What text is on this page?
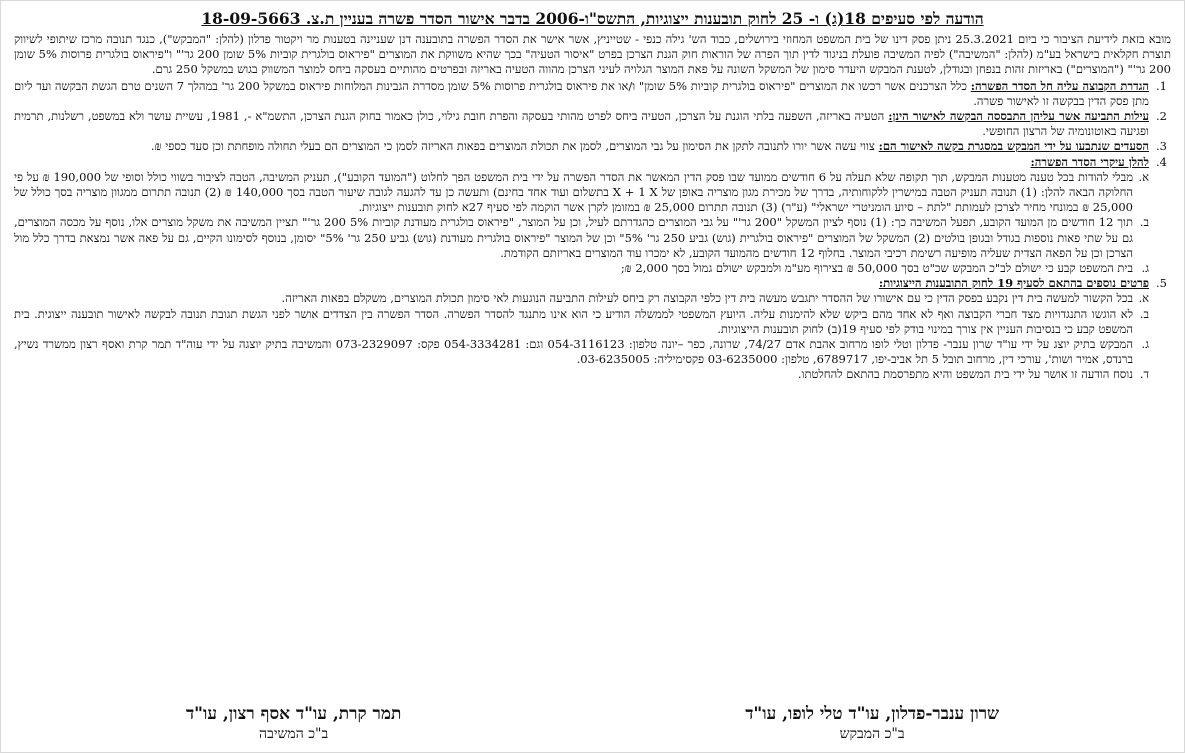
הודעה לפי סעיפים 18(ג) ו- 25 לחוק תובענות ייצוגיות, התשס"ו-2006 בדבר אישור הסדר פשרה בעניין ת.צ. 18-09-5663
מובא בזאת לידיעת הציבור כי ביום 25.3.2021 ניתן פסק דינו של בית המשפט המחוזי בירושלים, כבוד הש' גילה כנפי - שטייניץ, אשר אישר את הסדר הפשרה בתובענה דנן שעניינה בטענות מר ויקטור פדלון (להלן: "המבקש"), כנגד תנובה מרכז שיתופי לשיווק תוצרת חקלאית בישראל בע"מ (להלן: "המשיבה") לפיה המשיבה פועלת בניגוד לדין תוך הפרה של הוראות חוק הגנת הצרכן בפרט "איסור הטעיה" בכך שהיא משווקת את המוצרים "פיראוס בולגרית קוביות 5% שומן 200 גר'" ו"פיראוס בולגרית פרוסות 5% שומן 200 גר'" ("המוצרים") באריזות זהות בנפחן ובגודלן, לטענת המבקש היעדר סימון של המשקל השונה על פאת המוצר הגלויה לעיני הצרכן מהווה הטעיה באריזה ובפרטים מהותיים בעסקה ביחס למוצר המשווק בגוש במשקל 250 גרם.
1.
הגדרת הקבוצה עליה חל הסדר הפשרה: כלל הצרכנים אשר רכשו את המוצרים "פיראוס בולגרית קוביות 5% שומן" ו/או את פיראוס בולגרית פרוסות 5% שומן מסדרת הגבינות המלוחות פיראוס במשקל 200 גר' במהלך 7 השנים טרם הגשת הבקשה ועד ליום מתן פסק הדין בבקשה זו לאישור פשרה.
2.
עילות התביעה אשר עליהן התבססה הבקשה לאישור הינן: הטעיה באריזה, השפעה בלתי הוגנת על הצרכן, הטעיה ביחס לפרט מהותי בעסקה והפרת חובת גילוי, כולן כאמור בחוק הגנת הצרכן, התשמ"א -, 1981, עשיית עושר ולא במשפט, רשלנות, תרמית ופגיעה באוטונומיה של הרצון החופשי.
3.
הסעדים שנתבעו על ידי המבקש במסגרת בקשה לאישור הם: צווי עשה אשר יורו לתנובה לתקן את הסימון על גבי המוצרים, לסמן את תכולת המוצרים בפאות האריזה לסמן כי המוצרים הם בעלי תחולה מופחתת וכן סעד כספי ₪.
4.
להלן עיקרי הסדר הפשרה:
א.
מבלי להודות בכל טענה מטענות המבקש, תוך תקופה שלא תעלה על 6 חודשים ממועד שבו פסק הדין המאשר את הסדר הפשרה על ידי בית המשפט הפך לחלוט ("המועד הקובע"), תעניק המשיבה, הטבה לציבור בשווי כולל וסופי של 190,000 ₪ על פי החלוקה הבאה להלן: (1) תנובה תעניק הטבה במישרין ללקוחותיה, בדרך של מכירת מגון מוצריה באופן של X + 1 X בתשלום ועוד אחד בחינם) ותעשה כן עד להגעה לגובה שיעור הטבה בסך 140,000 ₪ (2) תנובה תתרום ממגוון מוצריה בסך כולל של 25,000 ₪ במונחי מחיר לצרכן לעמותת "לתת – סיוע הומניטרי ישראלי" (ע"ר) (3) תנובה תתרום 25,000 ₪ במזומן לקרן אשר הוקמה לפי סעיף 27א לחוק תובענות ייצוגיות.
ב.
תוך 12 חודשים מן המועד הקובע, תפעל המשיבה כך: (1) נוסף לציון המשקל "200 גר'" על גבי המוצרים כהגדרתם לעיל, וכן על המוצר, "פיראוס בולגרית מעודנת קוביות 5% 200 גר'" תציין המשיבה את משקל מוצרים אלו, נוסף על מכסה המוצרים, גם על שתי פאות נוספות בגודל ובגופן בולטים (2) המשקל של המוצרים "פיראוס בולגרית (גוש) גביע 250 גר' 5%" וכן של המוצר "פיראוס בולגרית מעודנת (גוש) גביע 250 גר' 5%" יסומן, בנוסף לסימונו הקיים, גם על פאה אשר נמצאת בדרך כלל מול הצרכן וכן על הפאה הצדית שעליה מופיעה רשימת רכיבי המוצר. בחלוף 12 חודשים מהמועד הקובע, לא ימכרו עוד המוצרים באריזתם הקודמת.
ג.
בית המשפט קבע כי ישולם לב"כ המבקש שכ"ט בסך 50,000 ₪ בצירוף מע"מ ולמבקש ישולם גמול בסך 2,000 ₪;
5.
פרטים נוספים בהתאם לסעיף 19 לחוק התובענות הייצוגיות:
א.
בכל הקשור למעשה בית דין נקבע בפסק הדין כי עם אישורו של ההסדר יתגבש מעשה בית דין כלפי הקבוצה רק ביחס לעילות התביעה הנוגעות לאי סימון תכולת המוצרים, משקלם בפאות האריזה.
ב.
לא הוגשו התנגדויות מצד חברי הקבוצה ואף לא אחד מהם ביקש שלא להימנות עליה. היועץ המשפטי לממשלה הודיע כי הוא אינו מתנגד להסדר הפשרה. הסדר הפשרה בין הצדדים אושר לפני הגשת תגובת תנובה לבקשה לאישור תובענה ייצוגית. בית המשפט קבע כי בנסיבות העניין אין צורך במינוי בודק לפי סעיף 19(ב) לחוק תובענות הייצוגיות.
ג.
המבקש בתיק יוצג על ידי עו"ד שרון ענבר- פדלון וטלי לופו מרחוב אהבת אדם 74/27, שרונה, כפר –יונה טלפון: 054-3116123 וגם: 054-3334281 פקס: 073-2329097 והמשיבה בתיק יוצגה על ידי עוה"ד תמר קרת ואסף רצון ממשרד נשיץ, ברנדס, אמיר ושות', עורכי דין, מרחוב תובל 5 תל אביב-יפו, 6789717, טלפון: 03-6235000 פקסימיליה: 03-6235005.
ד.
נוסח הודעה זו אושר על ידי בית המשפט והיא מתפרסמת בהתאם להחלטתו.
שרון ענבר-פדלון, עו"ד טלי לופו, עו"ד
ב"כ המבקש
תמר קרת, עו"ד אסף רצון, עו"ד
ב"כ המשיבה
